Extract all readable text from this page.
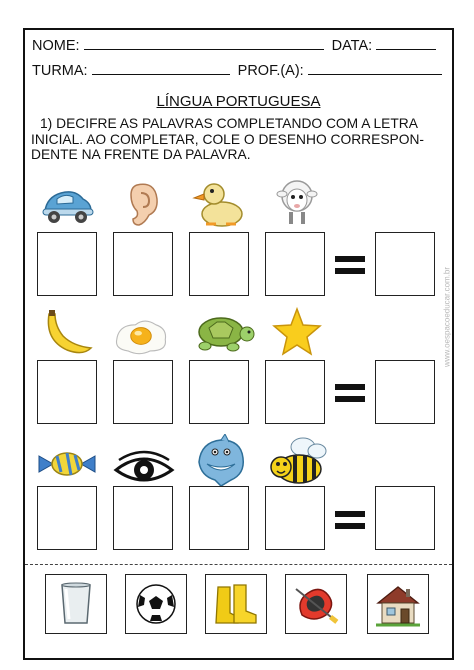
NOME:	DATA:
TURMA:	PROF.(A):
LÍNGUA PORTUGUESA

1) DECIFRE AS PALAVRAS COMPLETANDO COM A LETRA

INICIAL. AO COMPLETAR, COLE O DESENHO CORRESPON-

DENTE NA FRENTE DA PALAVRA.

www.oespacoeducar.com.br
